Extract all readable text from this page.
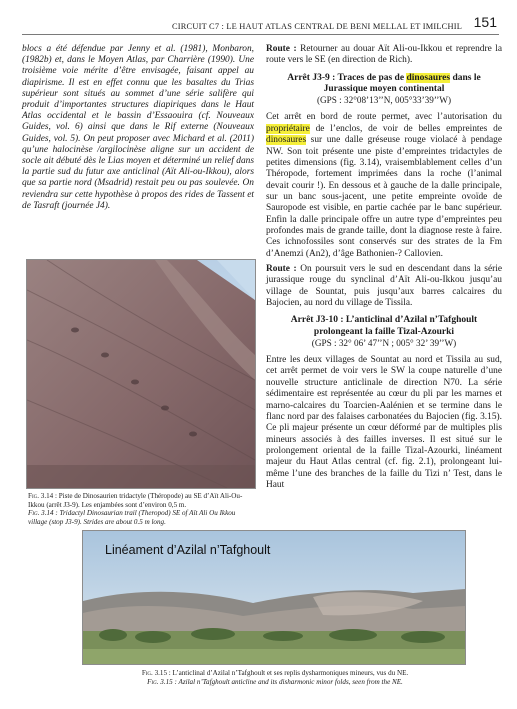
CIRCUIT C7 : LE HAUT ATLAS CENTRAL DE BENI MELLAL ET IMILCHIL 151
blocs a été défendue par Jenny et al. (1981), Monbaron, (1982b) et, dans le Moyen Atlas, par Charrière (1990). Une troisième voie mérite d’être envisagée, faisant appel au diapirisme. Il est en effet connu que les basaltes du Trias supérieur sont situés au sommet d’une série salifère qui produit d’importantes structures diapiriques dans le Haut Atlas occidental et le bassin d’Essaouira (cf. Nouveaux Guides, vol. 6) ainsi que dans le Rif externe (Nouveaux Guides, vol. 5). On peut proposer avec Michard et al. (2011) qu’une halocinèse /argilocinèse aligne sur un accident de socle ait débuté dès le Lias moyen et déterminé un relief dans la partie sud du futur axe anticlinal (Aït Ali-ou-Ikkou), alors que sa partie nord (Msadrid) restait peu ou pas soulevée. On reviendra sur cette hypothèse à propos des rides de Tassent et de Tasraft (journée J4).
Fig. 3.14 : Piste de Dinosaurien tridactyle (Théropode) au SE d’Aït Ali-Ou-Ikkou (arrêt J3-9). Les enjambées sont d’environ 0,5 m.
Fig. 3.14 : Tridactyl Dinosaurian trail (Theropod) SE of Aït Ali Ou Ikkou village (stop J3-9). Strides are about 0.5 m long.

Route : Retourner au douar Aït Ali-ou-Ikkou et reprendre la route vers le SE (en direction de Rich).

Arrêt J3-9 : Traces de pas de dinosaures dans le Jurassique moyen continental
(GPS : 32°08’13’’N, 005°33’39’’W)

Cet arrêt en bord de route permet, avec l’autorisation du propriétaire de l’enclos, de voir de belles empreintes de dinosaures sur une dalle gréseuse rouge violacé à pendage NW. Son toit présente une piste d’empreintes tridactyles de petites dimensions (fig. 3.14), vraisemblablement celles d’un Théropode, fortement imprimées dans la roche (l’animal devait courir !). En dessous et à gauche de la dalle principale, sur un banc sous-jacent, une petite empreinte ovoïde de Sauropode est visible, en partie cachée par le banc supérieur. Enfin la dalle principale offre un autre type d’empreintes peu profondes mais de grande taille, dont la diagnose reste à faire. Ces ichnofossiles sont conservés sur des strates de la Fm d’Anemzi (An2), d’âge Bathonien-? Callovien.

Route : On poursuit vers le sud en descendant dans la série jurassique rouge du synclinal d’Aït Ali-ou-Ikkou jusqu’au village de Sountat, puis jusqu’aux barres calcaires du Bajocien, au nord du village de Tissila.

Arrêt J3-10 : L’anticlinal d’Azilal n’Tafghoult prolongeant la faille Tizal-Azourki
(GPS : 32° 06’ 47’’N ; 005° 32’ 39’’W)

Entre les deux villages de Sountat au nord et Tissila au sud, cet arrêt permet de voir vers le SW la coupe naturelle d’une nouvelle structure anticlinale de direction N70. La série sédimentaire est représentée au cœur du pli par les marnes et marno-calcaires du Toarcien-Aalénien et se termine dans le flanc nord par des falaises carbonatées du Bajocien (fig. 3.15). Ce pli majeur présente un cœur déformé par de multiples plis mineurs associés à des failles inverses. Il est situé sur le prolongement oriental de la faille Tizal-Azourki, linéament majeur du Haut Atlas central (cf. fig. 2.1), prolongeant lui-même l’une des branches de la faille du Tizi n’ Test, dans le Haut

Linéament d’Azilal n’Tafghoult
Fig. 3.15 : L’anticlinal d’Azilal n’Tafghoult et ses replis dysharmoniques mineurs, vus du NE.
Fig. 3.15 : Azilal n’Tafghoult anticline and its disharmonic minor folds, seen from the NE.
